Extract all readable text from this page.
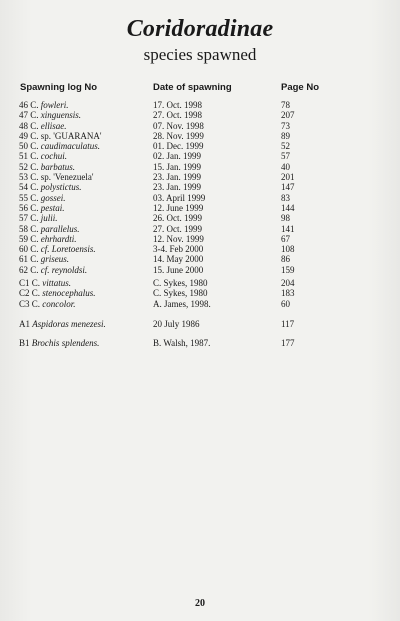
Coridoradinae
species spawned
Spawning log No	Date of spawning	Page No
46 C. fowleri.	17. Oct. 1998	78
47 C. xinguensis.	27. Oct. 1998	207
48 C. ellisae.	07. Nov. 1998	73
49 C. sp. 'GUARANA'	28. Nov. 1999	89
50 C. caudimaculatus.	01. Dec. 1999	52
51 C. cochui.	02. Jan. 1999	57
52 C. barbatus.	15. Jan. 1999	40
53 C. sp. 'Venezuela'	23. Jan. 1999	201
54 C. polystictus.	23. Jan. 1999	147
55 C. gossei.	03. April 1999	83
56 C. pestai.	12. June 1999	144
57 C. julii.	26. Oct. 1999	98
58 C. parallelus.	27. Oct. 1999	141
59 C. ehrhardti.	12. Nov. 1999	67
60 C. cf. Loretoensis.	3-4. Feb 2000	108
61 C. griseus.	14. May 2000	86
62 C. cf. reynoldsi.	15. June 2000	159
C1 C. vittatus.	C. Sykes, 1980	204
C2 C. stenocephalus.	C. Sykes, 1980	183
C3 C. concolor.	A. James, 1998.	60
A1 Aspidoras menezesi.	20 July 1986	117
B1 Brochis splendens.	B. Walsh, 1987.	177
20
